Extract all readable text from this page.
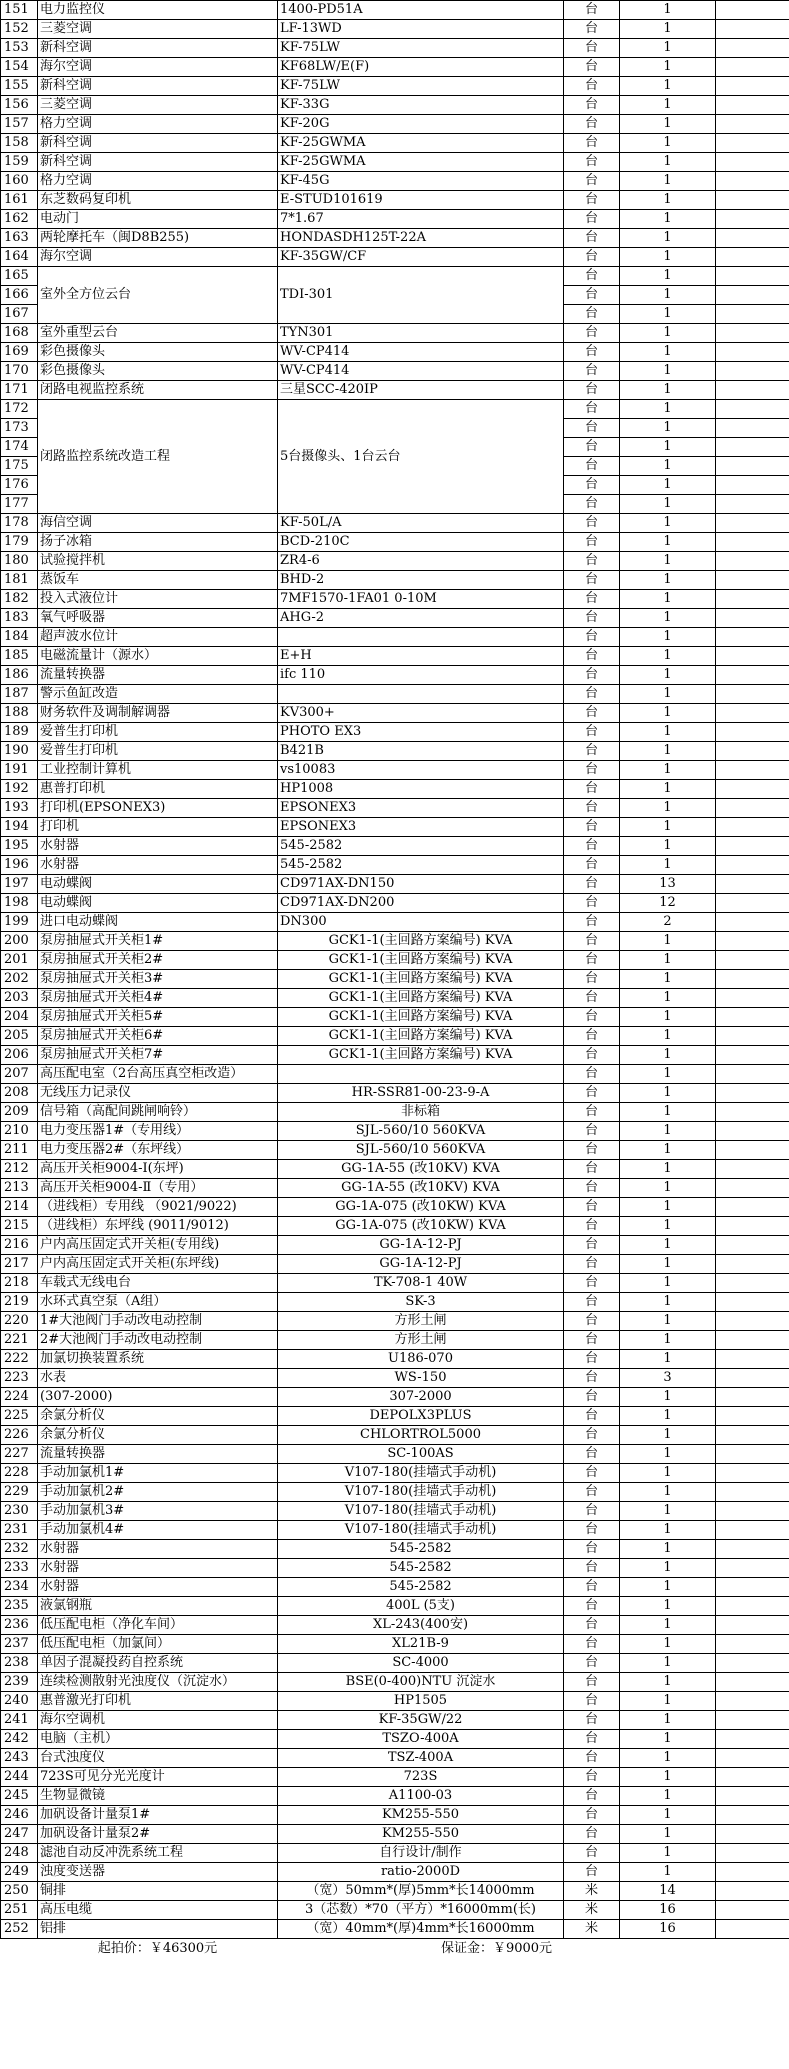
151	电力监控仪	1400-PD51A	台	1	
152	三菱空调	LF-13WD	台	1	
153	新科空调	KF-75LW	台	1	
154	海尔空调	KF68LW/E(F)	台	1	
155	新科空调	KF-75LW	台	1	
156	三菱空调	KF-33G	台	1	
157	格力空调	KF-20G	台	1	
158	新科空调	KF-25GWMA	台	1	
159	新科空调	KF-25GWMA	台	1	
160	格力空调	KF-45G	台	1	
161	东芝数码复印机	E-STUD101619	台	1	
162	电动门	7*1.67	台	1	
163	两轮摩托车（闽D8B255)	HONDASDH125T-22A	台	1	
164	海尔空调	KF-35GW/CF	台	1	
165	室外全方位云台	TDI-301	台	1	
166			台	1	
167			台	1	
168	室外重型云台	TYN301	台	1	
169	彩色摄像头	WV-CP414	台	1	
170	彩色摄像头	WV-CP414	台	1	
171	闭路电视监控系统	三星SCC-420IP	台	1	
172	闭路监控系统改造工程	5台摄像头、1台云台	台	1	
173			台	1	
174			台	1	
175			台	1	
176			台	1	
177			台	1	
178	海信空调	KF-50L/A	台	1	
179	扬子冰箱	BCD-210C	台	1	
180	试验搅拌机	ZR4-6	台	1	
181	蒸饭车	BHD-2	台	1	
182	投入式液位计	7MF1570-1FA01 0-10M	台	1	
183	氧气呼吸器	AHG-2	台	1	
184	超声波水位计		台	1	
185	电磁流量计（源水）	E+H	台	1	
186	流量转换器	ifc 110	台	1	
187	警示鱼缸改造		台	1	
188	财务软件及调制解调器	KV300+	台	1	
189	爱普生打印机	PHOTO EX3	台	1	
190	爱普生打印机	B421B	台	1	
191	工业控制计算机	vs10083	台	1	
192	惠普打印机	HP1008	台	1	
193	打印机(EPSONEX3)	EPSONEX3	台	1	
194	打印机	EPSONEX3	台	1	
195	水射器	545-2582	台	1	
196	水射器	545-2582	台	1	
197	电动蝶阀	CD971AX-DN150	台	13	
198	电动蝶阀	CD971AX-DN200	台	12	
199	进口电动蝶阀	DN300	台	2	
200	泵房抽屉式开关柜1#	GCK1-1(主回路方案编号) KVA	台	1	
201	泵房抽屉式开关柜2#	GCK1-1(主回路方案编号) KVA	台	1	
202	泵房抽屉式开关柜3#	GCK1-1(主回路方案编号) KVA	台	1	
203	泵房抽屉式开关柜4#	GCK1-1(主回路方案编号) KVA	台	1	
204	泵房抽屉式开关柜5#	GCK1-1(主回路方案编号) KVA	台	1	
205	泵房抽屉式开关柜6#	GCK1-1(主回路方案编号) KVA	台	1	
206	泵房抽屉式开关柜7#	GCK1-1(主回路方案编号) KVA	台	1	
207	高压配电室（2台高压真空柜改造）		台	1	
208	无线压力记录仪	HR-SSR81-00-23-9-A	台	1	
209	信号箱（高配间跳闸响铃）	非标箱	台	1	
210	电力变压器1#（专用线）	SJL-560/10 560KVA	台	1	
211	电力变压器2#（东坪线）	SJL-560/10 560KVA	台	1	
212	高压开关柜9004-I(东坪)	GG-1A-55 (改10KV) KVA	台	1	
213	高压开关柜9004-Ⅱ（专用）	GG-1A-55 (改10KV) KVA	台	1	
214	（进线柜）专用线 （9021/9022)	GG-1A-075 (改10KW) KVA	台	1	
215	（进线柜）东坪线 (9011/9012)	GG-1A-075 (改10KW) KVA	台	1	
216	户内高压固定式开关柜(专用线)	GG-1A-12-PJ	台	1	
217	户内高压固定式开关柜(东坪线)	GG-1A-12-PJ	台	1	
218	车载式无线电台	TK-708-1 40W	台	1	
219	水环式真空泵（A组）	SK-3	台	1	
220	1#大池阀门手动改电动控制	方形土闸	台	1	
221	2#大池阀门手动改电动控制	方形土闸	台	1	
222	加氯切换装置系统	U186-070	台	1	
223	水表	WS-150	台	3	
224	(307-2000)	307-2000	台	1	
225	余氯分析仪	DEPOLX3PLUS	台	1	
226	余氯分析仪	CHLORTROL5000	台	1	
227	流量转换器	SC-100AS	台	1	
228	手动加氯机1#	V107-180(挂墙式手动机)	台	1	
229	手动加氯机2#	V107-180(挂墙式手动机)	台	1	
230	手动加氯机3#	V107-180(挂墙式手动机)	台	1	
231	手动加氯机4#	V107-180(挂墙式手动机)	台	1	
232	水射器	545-2582	台	1	
233	水射器	545-2582	台	1	
234	水射器	545-2582	台	1	
235	液氯钢瓶	400L (5支)	台	1	
236	低压配电柜（净化车间）	XL-243(400安)	台	1	
237	低压配电柜（加氯间）	XL21B-9	台	1	
238	单因子混凝投药自控系统	SC-4000	台	1	
239	连续检测散射光浊度仪（沉淀水）	BSE(0-400)NTU 沉淀水	台	1	
240	惠普激光打印机	HP1505	台	1	
241	海尔空调机	KF-35GW/22	台	1	
242	电脑（主机）	TSZO-400A	台	1	
243	台式浊度仪	TSZ-400A	台	1	
244	723S可见分光光度计	723S	台	1	
245	生物显微镜	A1100-03	台	1	
246	加矾设备计量泵1#	KM255-550	台	1	
247	加矾设备计量泵2#	KM255-550	台	1	
248	滤池自动反冲洗系统工程	自行设计/制作	台	1	
249	浊度变送器	ratio-2000D	台	1	
250	铜排	（宽）50mm*(厚)5mm*长14000mm	米	14	
251	高压电缆	3（芯数）*70（平方）*16000mm(长)	米	16	
252	铝排	（宽）40mm*(厚)4mm*长16000mm	米	16	
	起拍价：￥46300元	保证金：￥9000元			
